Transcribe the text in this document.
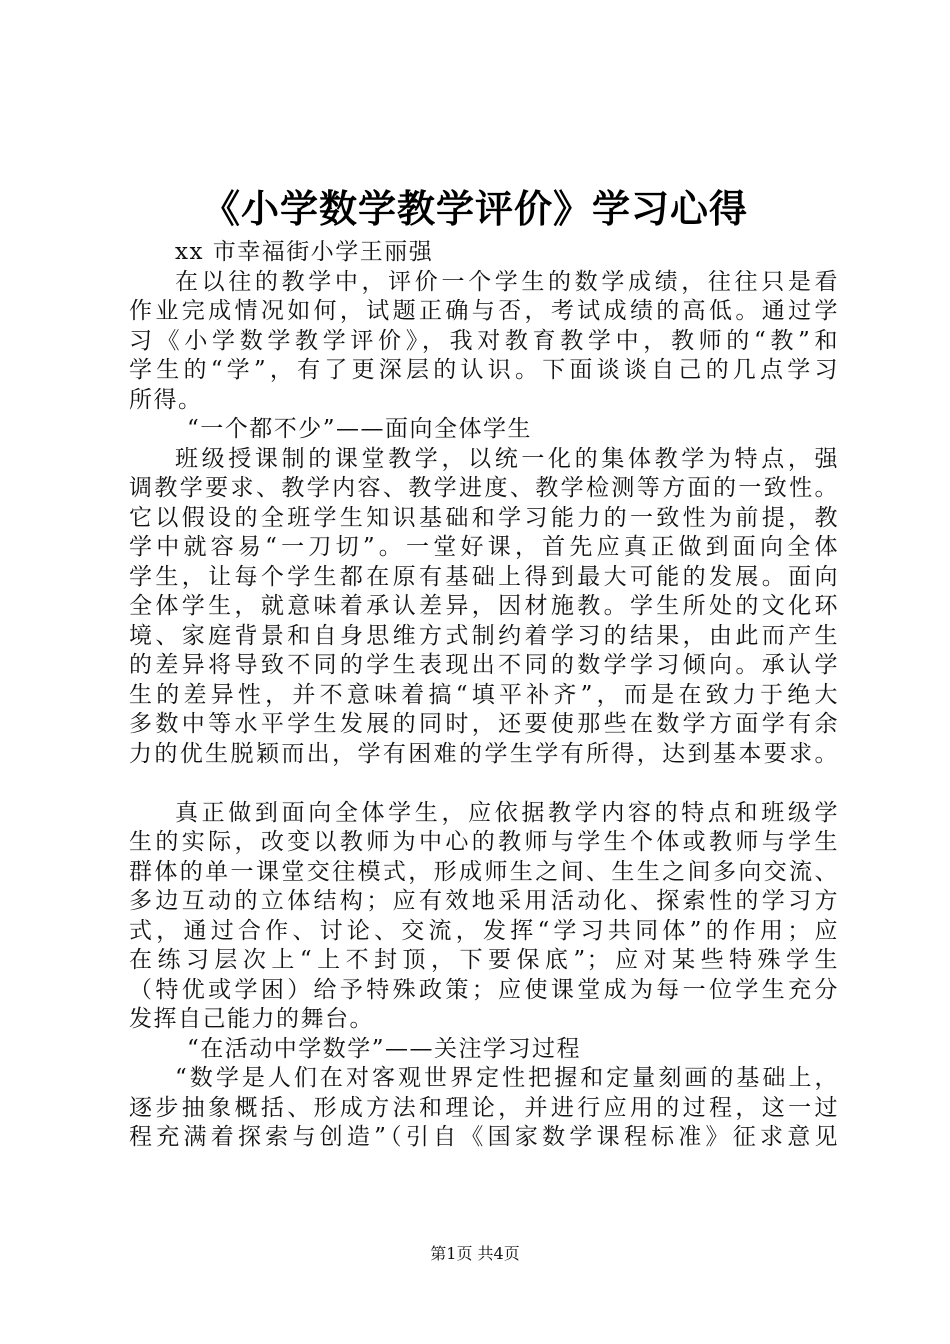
《小学数学教学评价》学习心得
xx 市幸福街小学王丽强
在以往的教学中，评价一个学生的数学成绩，往往只是看
作业完成情况如何，试题正确与否，考试成绩的高低。通过学
习《小学数学教学评价》，我对教育教学中，教师的“教”和
学生的“学”，有了更深层的认识。下面谈谈自己的几点学习
所得。
“一个都不少”——面向全体学生
班级授课制的课堂教学，以统一化的集体教学为特点，强
调教学要求、教学内容、教学进度、教学检测等方面的一致性。
它以假设的全班学生知识基础和学习能力的一致性为前提，教
学中就容易“一刀切”。一堂好课，首先应真正做到面向全体
学生，让每个学生都在原有基础上得到最大可能的发展。面向
全体学生，就意味着承认差异，因材施教。学生所处的文化环
境、家庭背景和自身思维方式制约着学习的结果，由此而产生
的差异将导致不同的学生表现出不同的数学学习倾向。承认学
生的差异性，并不意味着搞“填平补齐”，而是在致力于绝大
多数中等水平学生发展的同时，还要使那些在数学方面学有余
力的优生脱颖而出，学有困难的学生学有所得，达到基本要求。
真正做到面向全体学生，应依据教学内容的特点和班级学
生的实际，改变以教师为中心的教师与学生个体或教师与学生
群体的单一课堂交往模式，形成师生之间、生生之间多向交流、
多边互动的立体结构；应有效地采用活动化、探索性的学习方
式，通过合作、讨论、交流，发挥“学习共同体”的作用；应
在练习层次上“上不封顶，下要保底”；应对某些特殊学生
（特优或学困）给予特殊政策；应使课堂成为每一位学生充分
发挥自己能力的舞台。
“在活动中学数学”——关注学习过程
“数学是人们在对客观世界定性把握和定量刻画的基础上，
逐步抽象概括、形成方法和理论，并进行应用的过程，这一过
程充满着探索与创造”（引自《国家数学课程标准》征求意见
第1页 共4页
